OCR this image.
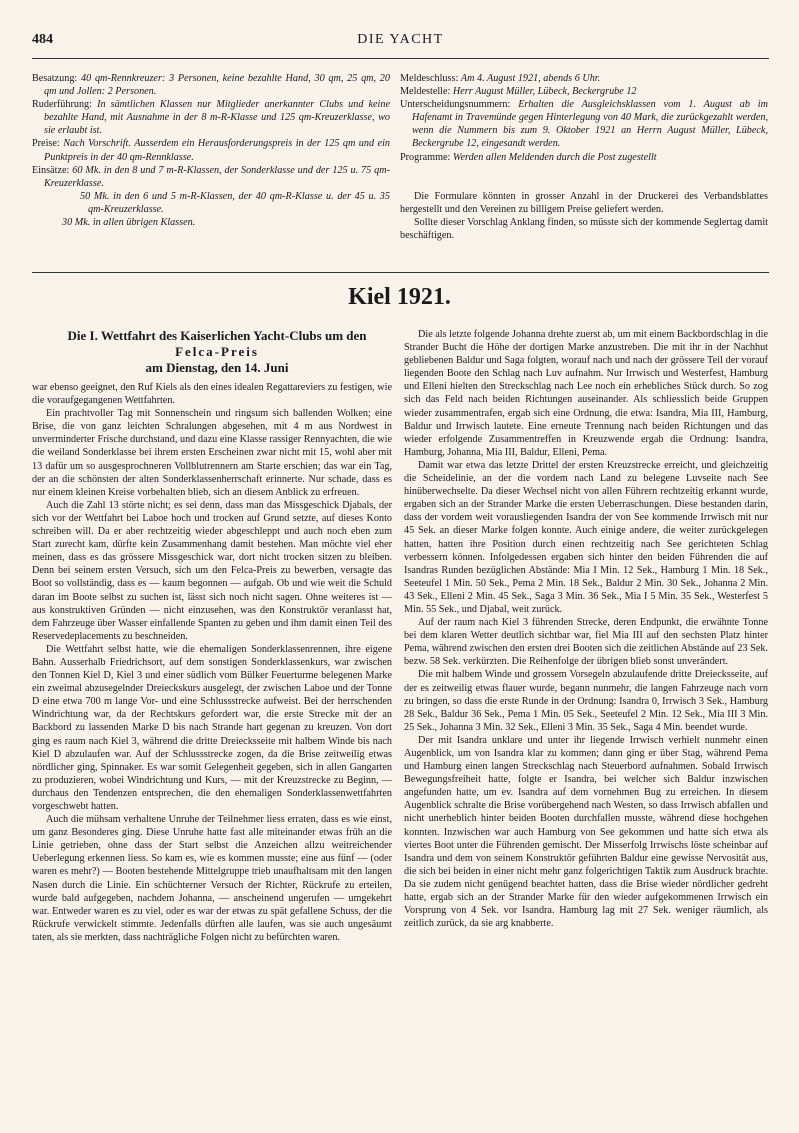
484	DIE YACHT

Besatzung: 40 qm-Rennkreuzer: 3 Personen, keine bezahlte Hand, 30 qm, 25 qm, 20 qm und Jollen: 2 Personen.

Ruderführung: In sämtlichen Klassen nur Mitglieder anerkannter Clubs und keine bezahlte Hand, mit Ausnahme in der 8 m-R-Klasse und 125 qm-Kreuzerklasse, wo sie erlaubt ist.

Preise: Nach Vorschrift. Ausserdem ein Herausforderungspreis in der 125 qm und ein Punktpreis in der 40 qm-Rennklasse.

Einsätze: 60 Mk. in den 8 und 7 m-R-Klassen, der Sonderklasse und der 125 u. 75 qm-Kreuzerklasse.

50 Mk. in den 6 und 5 m-R-Klassen, der 40 qm-R-Klasse u. der 45 u. 35 qm-Kreuzerklasse.

30 Mk. in allen übrigen Klassen.

Meldeschluss: Am 4. August 1921, abends 6 Uhr.

Meldestelle: Herr August Müller, Lübeck, Beckergrube 12

Unterscheidungsnummern: Erhalten die Ausgleichsklassen vom 1. August ab im Hafenamt in Travemünde gegen Hinterlegung von 40 Mark, die zurückgezahlt werden, wenn die Nummern bis zum 9. Oktober 1921 an Herrn August Müller, Lübeck, Beckergrube 12, eingesandt werden.

Programme: Werden allen Meldenden durch die Post zugestellt

Die Formulare könnten in grosser Anzahl in der Druckerei des Verbandsblattes hergestellt und den Vereinen zu billigem Preise geliefert werden.

Sollte dieser Vorschlag Anklang finden, so müsste sich der kommende Seglertag damit beschäftigen.

Kiel 1921.
Die I. Wettfahrt des Kaiserlichen Yacht-Clubs um den
Felca-Preis
am Dienstag, den 14. Juni

war ebenso geeignet, den Ruf Kiels als den eines idealen Regattareviers zu festigen, wie die voraufgegangenen Wettfahrten.

Ein prachtvoller Tag mit Sonnenschein und ringsum sich ballenden Wolken; eine Brise, die von ganz leichten Schralungen abgesehen, mit 4 m aus Nordwest in unverminderter Frische durchstand, und dazu eine Klasse rassiger Rennyachten, die wie die weiland Sonderklasse bei ihrem ersten Erscheinen zwar nicht mit 15, wohl aber mit 13 dafür um so ausgesprochneren Vollblutrennern am Starte erschien; das war ein Tag, der an die schönsten der alten Sonderklassenherrschaft erinnerte. Nur schade, dass es nur einem kleinen Kreise vorbehalten blieb, sich an diesem Anblick zu erfreuen.

Auch die Zahl 13 störte nicht; es sei denn, dass man das Missgeschick Djabals, der sich vor der Wettfahrt bei Laboe hoch und trocken auf Grund setzte, auf dieses Konto schreiben will. Da er aber rechtzeitig wieder abgeschleppt und auch noch eben zum Start zurecht kam, dürfte kein Zusammenhang damit bestehen. Man möchte viel eher meinen, dass es das grössere Missgeschick war, dort nicht trocken sitzen zu bleiben. Denn bei seinem ersten Versuch, sich um den Felca-Preis zu bewerben, versagte das Boot so vollständig, dass es — kaum begonnen — aufgab. Ob und wie weit die Schuld daran im Boote selbst zu suchen ist, lässt sich noch nicht sagen. Ohne weiteres ist — aus konstruktiven Gründen — nicht einzusehen, was den Konstruktör veranlasst hat, dem Fahrzeuge über Wasser einfallende Spanten zu geben und ihm damit einen Teil des Reservedeplacements zu beschneiden.

Die Wettfahrt selbst hatte, wie die ehemaligen Sonderklassenrennen, ihre eigene Bahn. Ausserhalb Friedrichsort, auf dem sonstigen Sonderklassenkurs, war zwischen den Tonnen Kiel D, Kiel 3 und einer südlich vom Bülker Feuerturme belegenen Marke ein zweimal abzusegelnder Dreieckskurs ausgelegt, der zwischen Laboe und der Tonne D eine etwa 700 m lange Vor- und eine Schlussstrecke aufweist. Bei der herrschenden Windrichtung war, da der Rechtskurs gefordert war, die erste Strecke mit der an Backbord zu lassenden Marke D bis nach Strande hart gegenan zu kreuzen. Von dort ging es raum nach Kiel 3, während die dritte Dreiecksseite mit halbem Winde bis nach Kiel D abzulaufen war. Auf der Schlussstrecke zogen, da die Brise zeitweilig etwas nördlicher ging, Spinnaker. Es war somit Gelegenheit gegeben, sich in allen Gangarten zu produzieren, wobei Windrichtung und Kurs, — mit der Kreuzstrecke zu Beginn, — durchaus den Tendenzen entsprechen, die den ehemaligen Sonderklassenwettfahrten vorgeschwebt hatten.

Auch die mühsam verhaltene Unruhe der Teilnehmer liess erraten, dass es wie einst, um ganz Besonderes ging. Diese Unruhe hatte fast alle miteinander etwas früh an die Linie getrieben, ohne dass der Start selbst die Anzeichen allzu weitreichender Ueberlegung erkennen liess. So kam es, wie es kommen musste; eine aus fünf — (oder waren es mehr?) — Booten bestehende Mittelgruppe trieb unaufhaltsam mit den langen Nasen durch die Linie. Ein schüchterner Versuch der Richter, Rückrufe zu erteilen, wurde bald aufgegeben, nachdem Johanna, — anscheinend ungerufen — umgekehrt war. Entweder waren es zu viel, oder es war der etwas zu spät gefallene Schuss, der die Rückrufe verwickelt stimmte. Jedenfalls dürften alle laufen, was sie auch ungesäumt taten, als sie merkten, dass nachträgliche Folgen nicht zu befürchten waren.

Die als letzte folgende Johanna drehte zuerst ab, um mit einem Backbordschlag in die Strander Bucht die Höhe der dortigen Marke anzustreben. Die mit ihr in der Nachhut gebliebenen Baldur und Saga folgten, worauf nach und nach der grössere Teil der vorauf liegenden Boote den Schlag nach Luv aufnahm. Nur Irrwisch und Westerfest, Hamburg und Elleni hielten den Streckschlag nach Lee noch ein erhebliches Stück durch. So zog sich das Feld nach beiden Richtungen auseinander. Als schliesslich beide Gruppen wieder zusammentrafen, ergab sich eine Ordnung, die etwa: Isandra, Mia III, Hamburg, Baldur und Irrwisch lautete. Eine erneute Trennung nach beiden Richtungen und das wieder erfolgende Zusammentreffen in Kreuzwende ergab die Ordnung: Isandra, Hamburg, Johanna, Mia III, Baldur, Elleni, Pema.

Damit war etwa das letzte Drittel der ersten Kreuzstrecke erreicht, und gleichzeitig die Scheidelinie, an der die vordem nach Land zu belegene Luvseite nach See hinüberwechselte. Da dieser Wechsel nicht von allen Führern rechtzeitig erkannt wurde, ergaben sich an der Strander Marke die ersten Ueberraschungen. Diese bestanden darin, dass der vordem weit vorausliegenden Isandra der von See kommende Irrwisch mit nur 45 Sek. an dieser Marke folgen konnte. Auch einige andere, die weiter zurückgelegen hatten, hatten ihre Position durch einen rechtzeitig nach See gerichteten Schlag verbessern können. Infolgedessen ergaben sich hinter den beiden Führenden die auf Isandras Runden bezüglichen Abstände: Mia I Min. 12 Sek., Hamburg 1 Min. 18 Sek., Seeteufel 1 Min. 50 Sek., Pema 2 Min. 18 Sek., Baldur 2 Min. 30 Sek., Johanna 2 Min. 43 Sek., Elleni 2 Min. 45 Sek., Saga 3 Min. 36 Sek., Mia I 5 Min. 35 Sek., Westerfest 5 Min. 55 Sek., und Djabal, weit zurück.

Auf der raum nach Kiel 3 führenden Strecke, deren Endpunkt, die erwähnte Tonne bei dem klaren Wetter deutlich sichtbar war, fiel Mia III auf den sechsten Platz hinter Pema, während zwischen den ersten drei Booten sich die zeitlichen Abstände auf 23 Sek. bezw. 58 Sek. verkürzten. Die Reihenfolge der übrigen blieb sonst unverändert.

Die mit halbem Winde und grossem Vorsegeln abzulaufende dritte Dreiecksseite, auf der es zeitweilig etwas flauer wurde, begann nunmehr, die langen Fahrzeuge nach vorn zu bringen, so dass die erste Runde in der Ordnung: Isandra 0, Irrwisch 3 Sek., Hamburg 28 Sek., Baldur 36 Sek., Pema 1 Min. 05 Sek., Seeteufel 2 Min. 12 Sek., Mia III 3 Min. 25 Sek., Johanna 3 Min. 32 Sek., Elleni 3 Min. 35 Sek., Saga 4 Min. beendet wurde.

Der mit Isandra unklare und unter ihr liegende Irrwisch verhielt nunmehr einen Augenblick, um von Isandra klar zu kommen; dann ging er über Stag, während Pema und Hamburg einen langen Streckschlag nach Steuerbord aufnahmen. Sobald Irrwisch Bewegungsfreiheit hatte, folgte er Isandra, bei welcher sich Baldur inzwischen angefunden hatte, um ev. Isandra auf dem vornehmen Bug zu erreichen. In diesem Augenblick schralte die Brise vorübergehend nach Westen, so dass Irrwisch abfallen und nicht unerheblich hinter beiden Booten durchfallen musste, während diese hochgehen konnten. Inzwischen war auch Hamburg von See gekommen und hatte sich etwa als viertes Boot unter die Führenden gemischt. Der Misserfolg Irrwischs löste scheinbar auf Isandra und dem von seinem Konstruktör geführten Baldur eine gewisse Nervosität aus, die sich bei beiden in einer nicht mehr ganz folgerichtigen Taktik zum Ausdruck brachte. Da sie zudem nicht genügend beachtet hatten, dass die Brise wieder nördlicher gedreht hatte, ergab sich an der Strander Marke für den wieder aufgekommenen Irrwisch ein Vorsprung von 4 Sek. vor Isandra. Hamburg lag mit 27 Sek. weniger räumlich, als zeitlich zurück, da sie arg knabberte.
